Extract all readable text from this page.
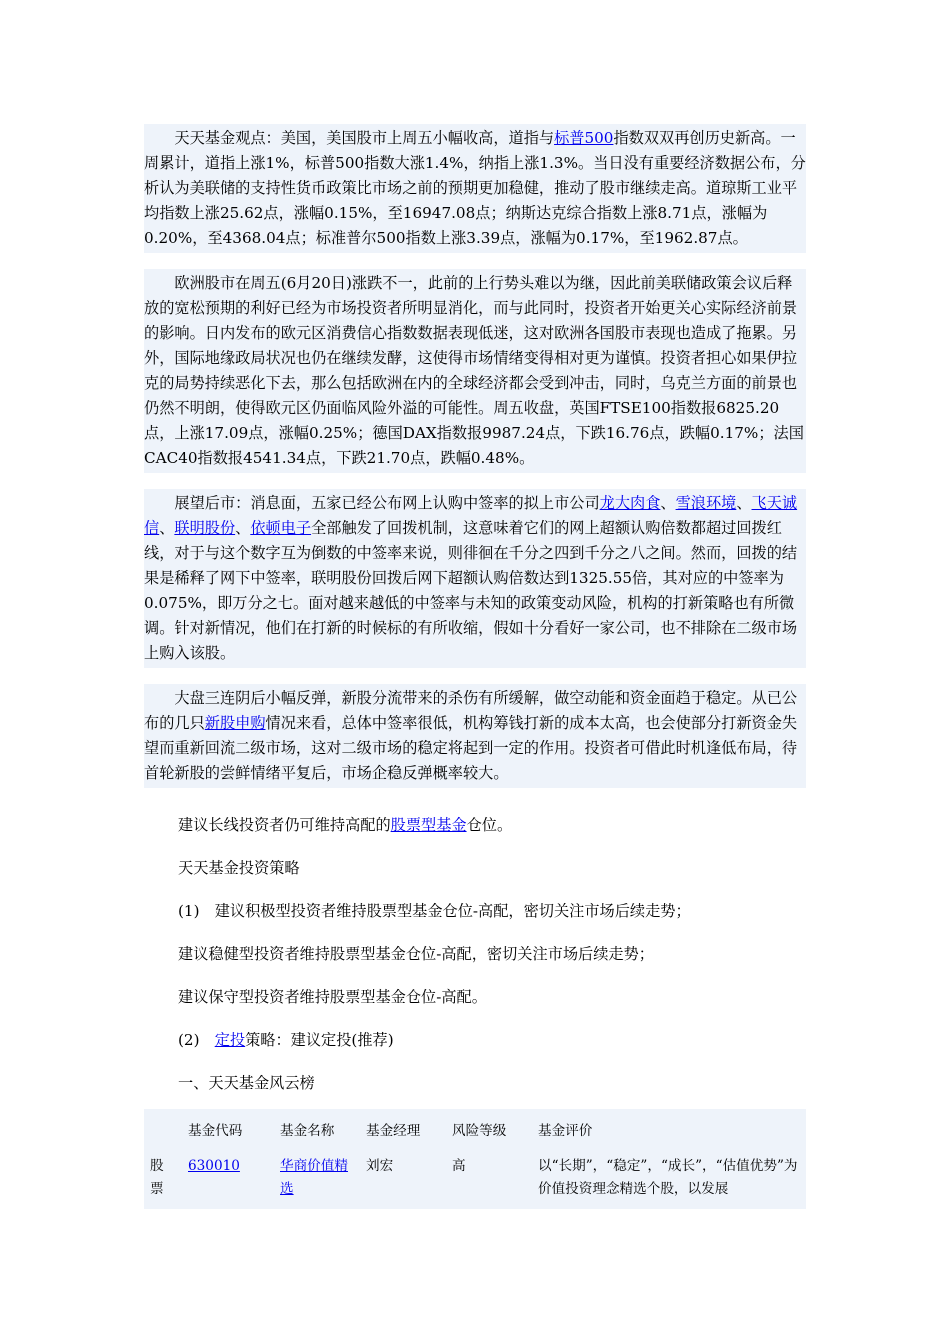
天天基金观点：美国，美国股市上周五小幅收高，道指与标普500指数双双再创历史新高。一周累计，道指上涨1%，标普500指数大涨1.4%，纳指上涨1.3%。当日没有重要经济数据公布，分析认为美联储的支持性货币政策比市场之前的预期更加稳健，推动了股市继续走高。道琼斯工业平均指数上涨25.62点，涨幅0.15%，至16947.08点；纳斯达克综合指数上涨8.71点，涨幅为0.20%，至4368.04点；标准普尔500指数上涨3.39点，涨幅为0.17%，至1962.87点。

欧洲股市在周五(6月20日)涨跌不一，此前的上行势头难以为继，因此前美联储政策会议后释放的宽松预期的利好已经为市场投资者所明显消化，而与此同时，投资者开始更关心实际经济前景的影响。日内发布的欧元区消费信心指数数据表现低迷，这对欧洲各国股市表现也造成了拖累。另外，国际地缘政局状况也仍在继续发酵，这使得市场情绪变得相对更为谨慎。投资者担心如果伊拉克的局势持续恶化下去，那么包括欧洲在内的全球经济都会受到冲击，同时，乌克兰方面的前景也仍然不明朗，使得欧元区仍面临风险外溢的可能性。周五收盘，英国FTSE100指数报6825.20点，上涨17.09点，涨幅0.25%；德国DAX指数报9987.24点，下跌16.76点，跌幅0.17%；法国CAC40指数报4541.34点，下跌21.70点，跌幅0.48%。

展望后市：消息面，五家已经公布网上认购中签率的拟上市公司龙大肉食、雪浪环境、飞天诚信、联明股份、依顿电子全部触发了回拨机制，这意味着它们的网上超额认购倍数都超过回拨红线，对于与这个数字互为倒数的中签率来说，则徘徊在千分之四到千分之八之间。然而，回拨的结果是稀释了网下中签率，联明股份回拨后网下超额认购倍数达到1325.55倍，其对应的中签率为0.075%，即万分之七。面对越来越低的中签率与未知的政策变动风险，机构的打新策略也有所微调。针对新情况，他们在打新的时候标的有所收缩，假如十分看好一家公司，也不排除在二级市场上购入该股。

大盘三连阴后小幅反弹，新股分流带来的杀伤有所缓解，做空动能和资金面趋于稳定。从已公布的几只新股申购情况来看，总体中签率很低，机构筹钱打新的成本太高，也会使部分打新资金失望而重新回流二级市场，这对二级市场的稳定将起到一定的作用。投资者可借此时机逢低布局，待首轮新股的尝鲜情绪平复后，市场企稳反弹概率较大。

建议长线投资者仍可维持高配的股票型基金仓位。

天天基金投资策略

(1)　建议积极型投资者维持股票型基金仓位-高配，密切关注市场后续走势；

建议稳健型投资者维持股票型基金仓位-高配，密切关注市场后续走势；

建议保守型投资者维持股票型基金仓位-高配。

(2)　定投策略：建议定投(推荐)

一、天天基金风云榜

	基金代码	基金名称	基金经理	风险等级	基金评价
股票	630010	华商价值精选	刘宏	高	以“长期”，“稳定”，“成长”，“估值优势”为价值投资理念精选个股，以发展
